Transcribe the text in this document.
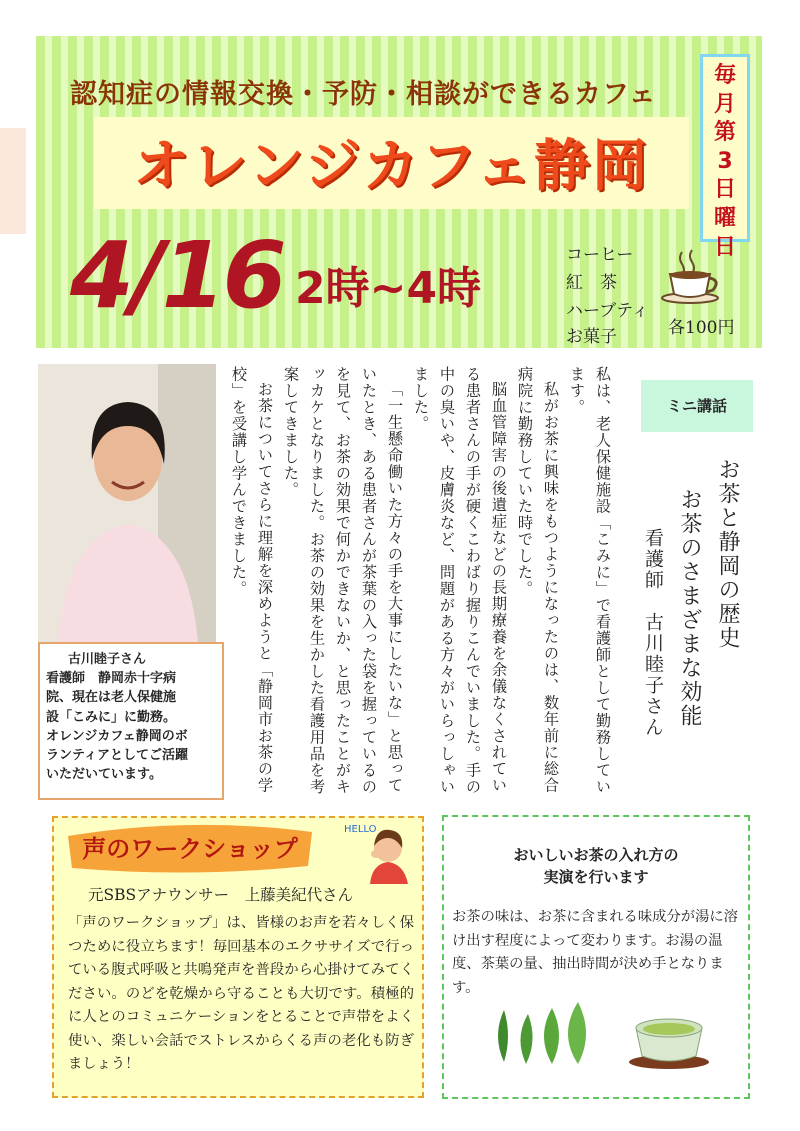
認知症の情報交換・予防・相談ができるカフェ
オレンジカフェ静岡
毎月第3日曜日
4/16 2時~4時
コーヒー
紅　茶
ハーブティ
お菓子	各100円
古川睦子さん
看護師　静岡赤十字病
院、現在は老人保健施
設「こみに」に勤務。
オレンジカフェ静岡のボ
ランティアとしてご活躍
いただいています。	私は、老人保健施設「こみに」で看護師として勤務しています。

私がお茶に興味をもつようになったのは、数年前に総合病院に勤務していた時でした。

脳血管障害の後遺症などの長期療養を余儀なくされている患者さんの手が硬くこわばり握りこんでいました。手の中の臭いや、皮膚炎など、問題がある方々がいらっしゃいました。

「一生懸命働いた方々の手を大事にしたいな」と思っていたとき、ある患者さんが茶葉の入った袋を握っているのを見て、お茶の効果で何かできないか、と思ったことがキッカケとなりました。お茶の効果を生かした看護用品を考案してきました。

お茶についてさらに理解を深めようと「静岡市お茶の学校」を受講し学んできました。	ミニ講話
お茶と静岡の歴史
お茶のさまざまな効能
看護師　古川睦子さん
声のワークショップ
HELLO
元SBSアナウンサー　上藤美紀代さん
「声のワークショップ」は、皆様のお声を若々しく保つために役立ちます！毎回基本のエクササイズで行っている腹式呼吸と共鳴発声を普段から心掛けてみてください。のどを乾燥から守ることも大切です。積極的に人とのコミュニケーションをとることで声帯をよく使い、楽しい会話でストレスからくる声の老化も防ぎましょう！
おいしいお茶の入れ方の
実演を行います
お茶の味は、お茶に含まれる味成分が湯に溶け出す程度によって変わります。お湯の温度、茶葉の量、抽出時間が決め手となります。
